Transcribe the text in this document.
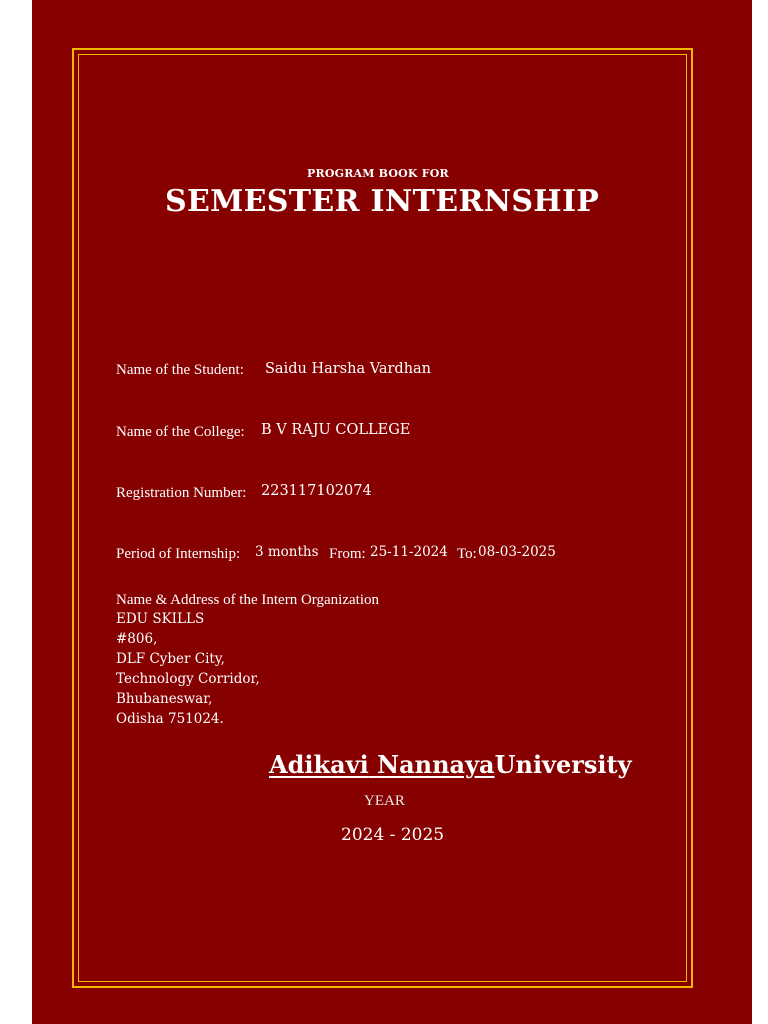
PROGRAM BOOK FOR
SEMESTER INTERNSHIP
Name of the Student: Saidu Harsha Vardhan
Name of the College: B V RAJU COLLEGE
Registration Number: 223117102074
Period of Internship: 3 months From: 25-11-2024 To: 08-03-2025
Name & Address of the Intern Organization
EDU SKILLS
#806,
DLF Cyber City,
Technology Corridor,
Bhubaneswar,
Odisha 751024.
Adikavi NannayaUniversity
YEAR
2024 - 2025
